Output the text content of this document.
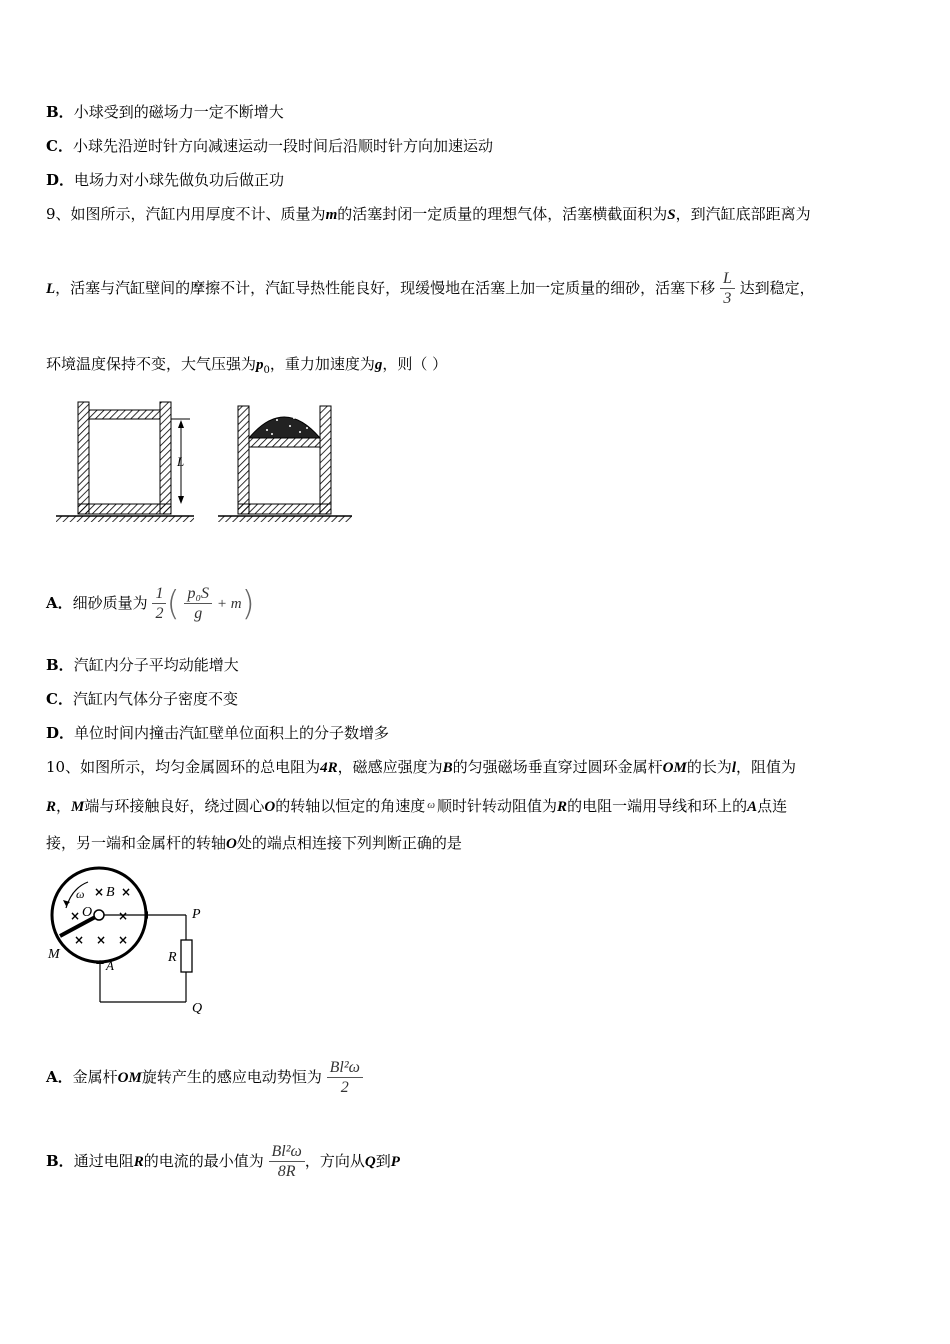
B．小球受到的磁场力一定不断增大
C．小球先沿逆时针方向减速运动一段时间后沿顺时针方向加速运动
D．电场力对小球先做负功后做正功
9、如图所示，汽缸内用厚度不计、质量为m的活塞封闭一定质量的理想气体，活塞横截面积为S，到汽缸底部距离为
L，活塞与汽缸壁间的摩擦不计，汽缸导热性能良好，现缓慢地在活塞上加一定质量的细砂，活塞下移 $\frac{L}{3}$ 达到稳定，
环境温度保持不变，大气压强为$p_0$，重力加速度为g，则（ ）
L
A．细砂质量为 $\frac{1}{2}$ ( $\frac{\text{p₀S}}{g} + m$)
B．汽缸内分子平均动能增大
C．汽缸内气体分子密度不变
D．单位时间内撞击汽缸壁单位面积上的分子数增多
10、如图所示，均匀金属圆环的总电阻为4R，磁感应强度为B的匀强磁场垂直穿过圆环金属杆OM的长为l，阻值为
R，M端与环接触良好，绕过圆心O的转轴以恒定的角速度 $^\omega$ 顺时针转动阻值为R的电阻一端用导线和环上的A点连
接，另一端和金属杆的转轴O处的端点相连接下列判断正确的是
ω B
O
M
A
× ×
×	×
× × ×
P
R
Q
A．金属杆OM旋转产生的感应电动势恒为 $\frac{\text{Bl²ω}}{2}$
B．通过电阻R的电流的最小值为 $\frac{\text{Bl²ω}}{8R}$ ，方向从Q到P
